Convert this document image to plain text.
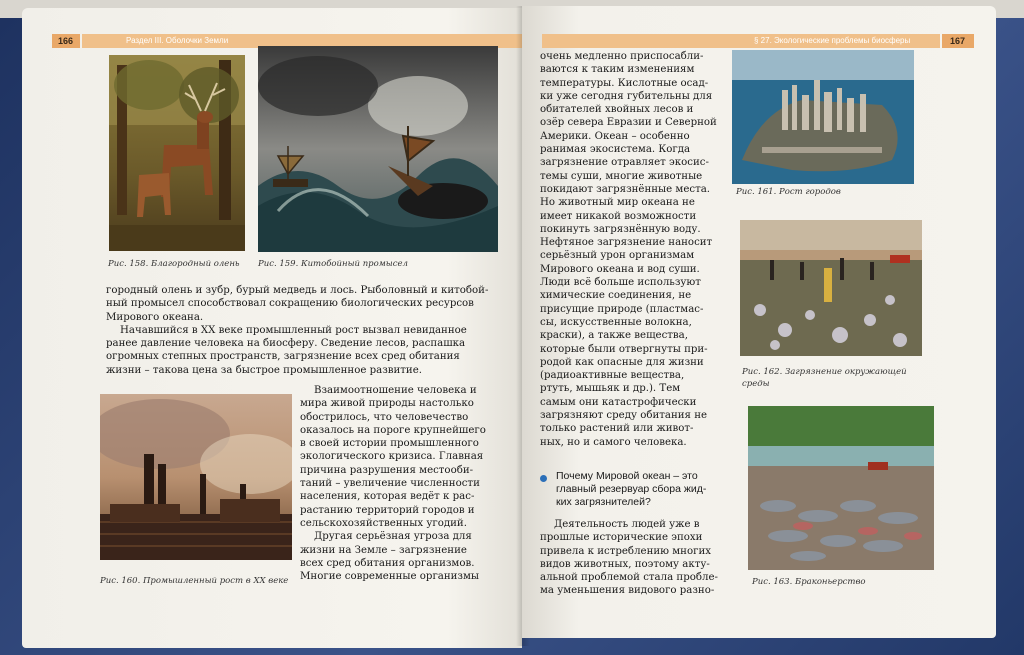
166	Раздел III. Оболочки Земли
Рис. 158. Благородный олень	Рис. 159. Китобойный промысел
городный олень и зубр, бурый медведь и лось. Рыболовный и китобой-
ный промысел способствовал сокращению биологических ресурсов
Мирового океана.
Начавшийся в XX веке промышленный рост вызвал невиданное
ранее давление человека на биосферу. Сведение лесов, распашка
огромных степных пространств, загрязнение всех сред обитания
жизни – такова цена за быстрое промышленное развитие.
Рис. 160. Промышленный рост в XX веке
Взаимоотношение человека и
мира живой природы настолько
обострилось, что человечество
оказалось на пороге крупнейшего
в своей истории промышленного
экологического кризиса. Главная
причина разрушения местооби-
таний – увеличение численности
населения, которая ведёт к рас-
растанию территорий городов и
сельскохозяйственных угодий.
Другая серьёзная угроза для
жизни на Земле – загрязнение
всех сред обитания организмов.
Многие современные организмы
167
§ 27. Экологические проблемы биосферы
очень медленно приспосабли-
ваются к таким изменениям
температуры. Кислотные осад-
ки уже сегодня губительны для
обитателей хвойных лесов и
озёр севера Евразии и Северной
Америки. Океан – особенно
ранимая экосистема. Когда
загрязнение отравляет экосис-
темы суши, многие животные
покидают загрязнённые места.
Но животный мир океана не
имеет никакой возможности
покинуть загрязнённую воду.
Нефтяное загрязнение наносит
серьёзный урон организмам
Мирового океана и вод суши.
Люди всё больше используют
химические соединения, не
присущие природе (пластмас-
сы, искусственные волокна,
краски), а также вещества,
которые были отвергнуты при-
родой как опасные для жизни
(радиоактивные вещества,
ртуть, мышьяк и др.). Тем
самым они катастрофически
загрязняют среду обитания не
только растений или живот-
ных, но и самого человека.
Почему Мировой океан – это
главный резервуар сбора жид-
ких загрязнителей?
Деятельность людей уже в
прошлые исторические эпохи
привела к истреблению многих
видов животных, поэтому акту-
альной проблемой стала пробле-
ма уменьшения видового разно-
Рис. 161. Рост городов
Рис. 162. Загрязнение окружающей среды
Рис. 163. Браконьерство
